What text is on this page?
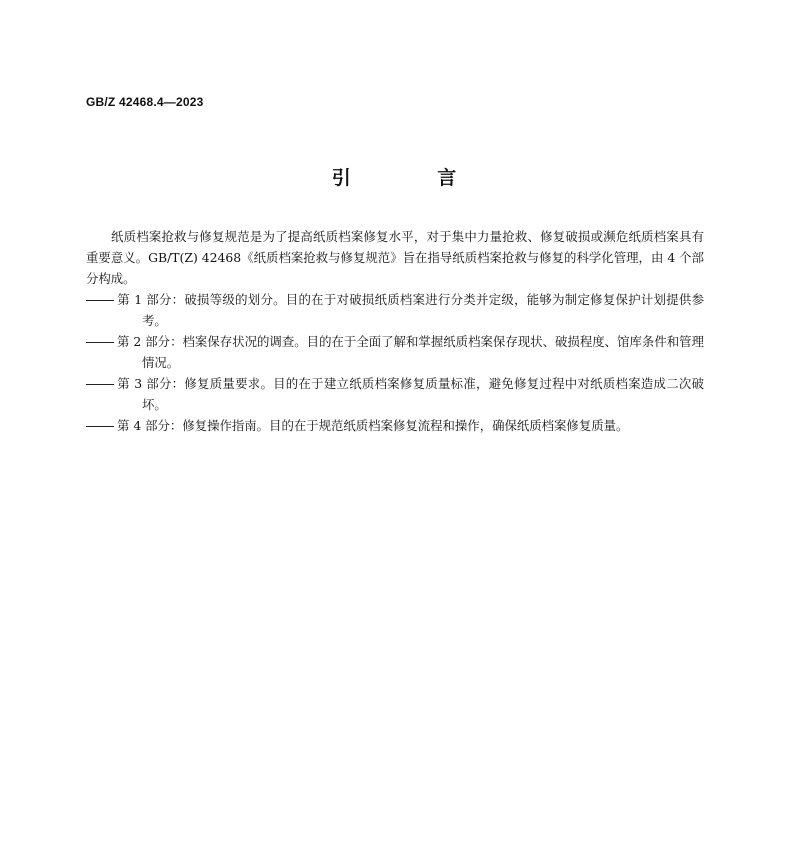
GB/Z 42468.4—2023
引 言

纸质档案抢救与修复规范是为了提高纸质档案修复水平，对于集中力量抢救、修复破损或濒危纸质档案具有重要意义。GB/T(Z) 42468《纸质档案抢救与修复规范》旨在指导纸质档案抢救与修复的科学化管理，由 4 个部分构成。

第 1 部分：破损等级的划分。目的在于对破损纸质档案进行分类并定级，能够为制定修复保护计划提供参考。

第 2 部分：档案保存状况的调查。目的在于全面了解和掌握纸质档案保存现状、破损程度、馆库条件和管理情况。

第 3 部分：修复质量要求。目的在于建立纸质档案修复质量标准，避免修复过程中对纸质档案造成二次破坏。

第 4 部分：修复操作指南。目的在于规范纸质档案修复流程和操作，确保纸质档案修复质量。
